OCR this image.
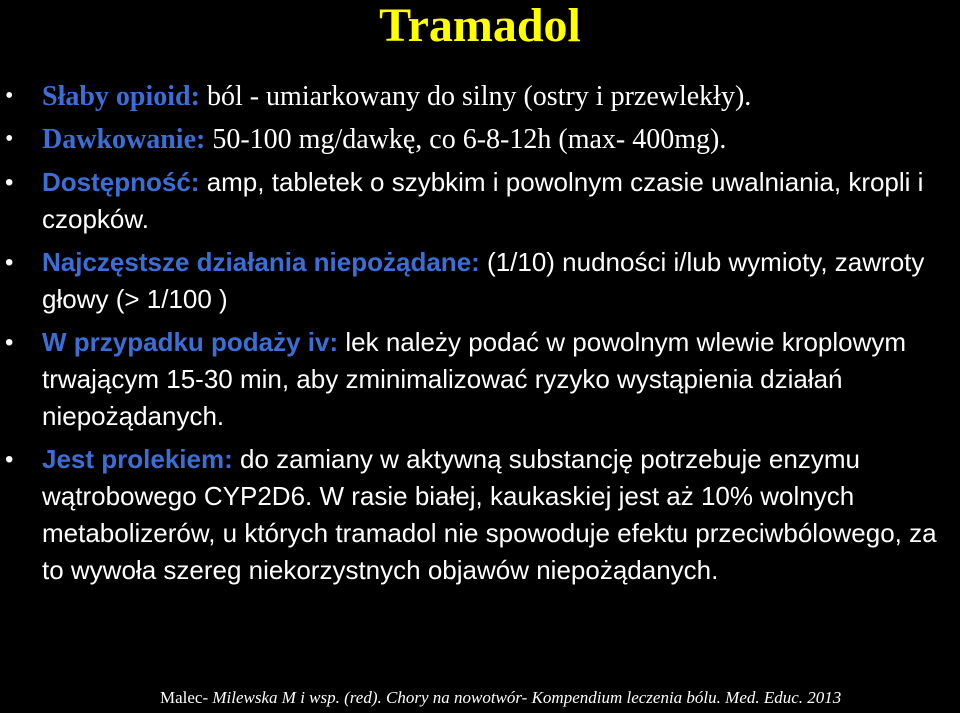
Tramadol
• Słaby opioid: ból - umiarkowany do silny (ostry i przewlekły).
• Dawkowanie: 50-100 mg/dawkę, co 6-8-12h (max- 400mg).
• Dostępność: amp, tabletek o szybkim i powolnym czasie uwalniania, kropli i czopków.
• Najczęstsze działania niepożądane: (1/10) nudności i/lub wymioty, zawroty głowy (> 1/100 )
• W przypadku podaży iv: lek należy podać w powolnym wlewie kroplowym trwającym 15-30 min, aby zminimalizować ryzyko wystąpienia działań niepożądanych.
• Jest prolekiem: do zamiany w aktywną substancję potrzebuje enzymu wątrobowego CYP2D6. W rasie białej, kaukaskiej jest aż 10% wolnych metabolizerów, u których tramadol nie spowoduje efektu przeciwbólowego, za to wywoła szereg niekorzystnych objawów niepożądanych.
Malec- Milewska M i wsp. (red). Chory na nowotwór- Kompendium leczenia bólu. Med. Educ. 2013
